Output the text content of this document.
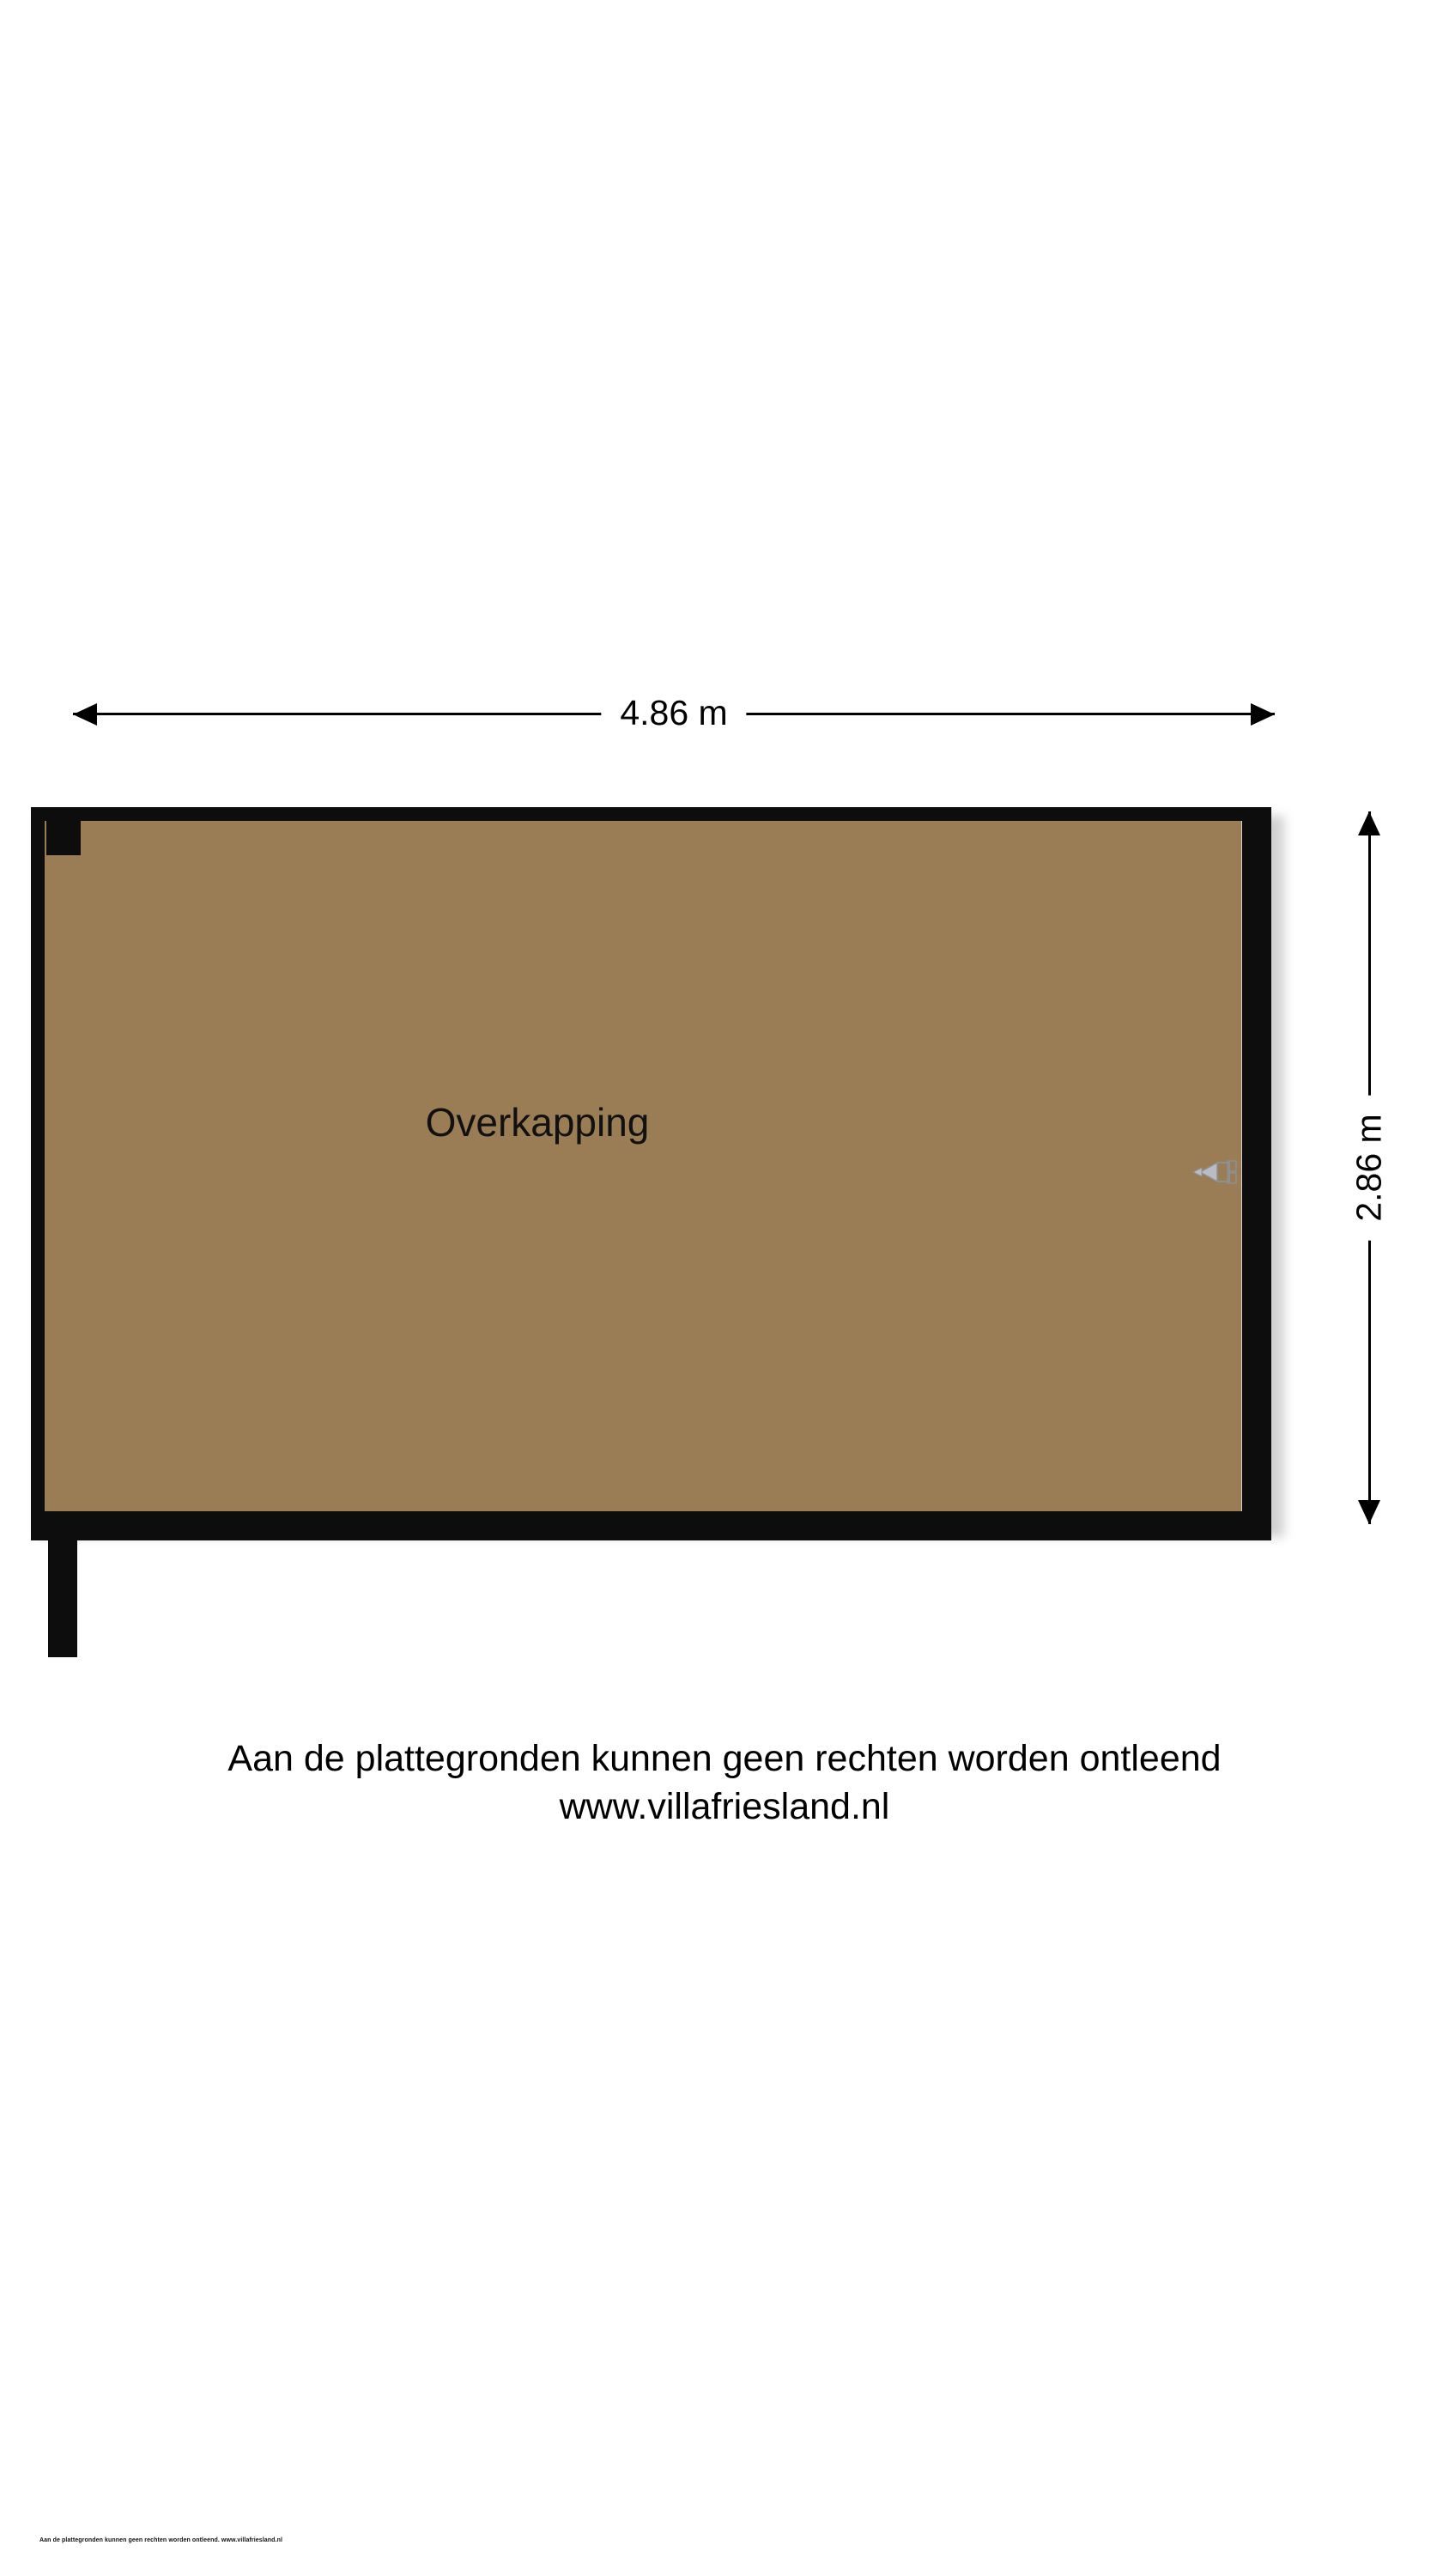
4.86 m
2.86 m
Overkapping
Aan de plattegronden kunnen geen rechten worden ontleend
www.villafriesland.nl
Aan de plattegronden kunnen geen rechten worden ontleend. www.villafriesland.nl
